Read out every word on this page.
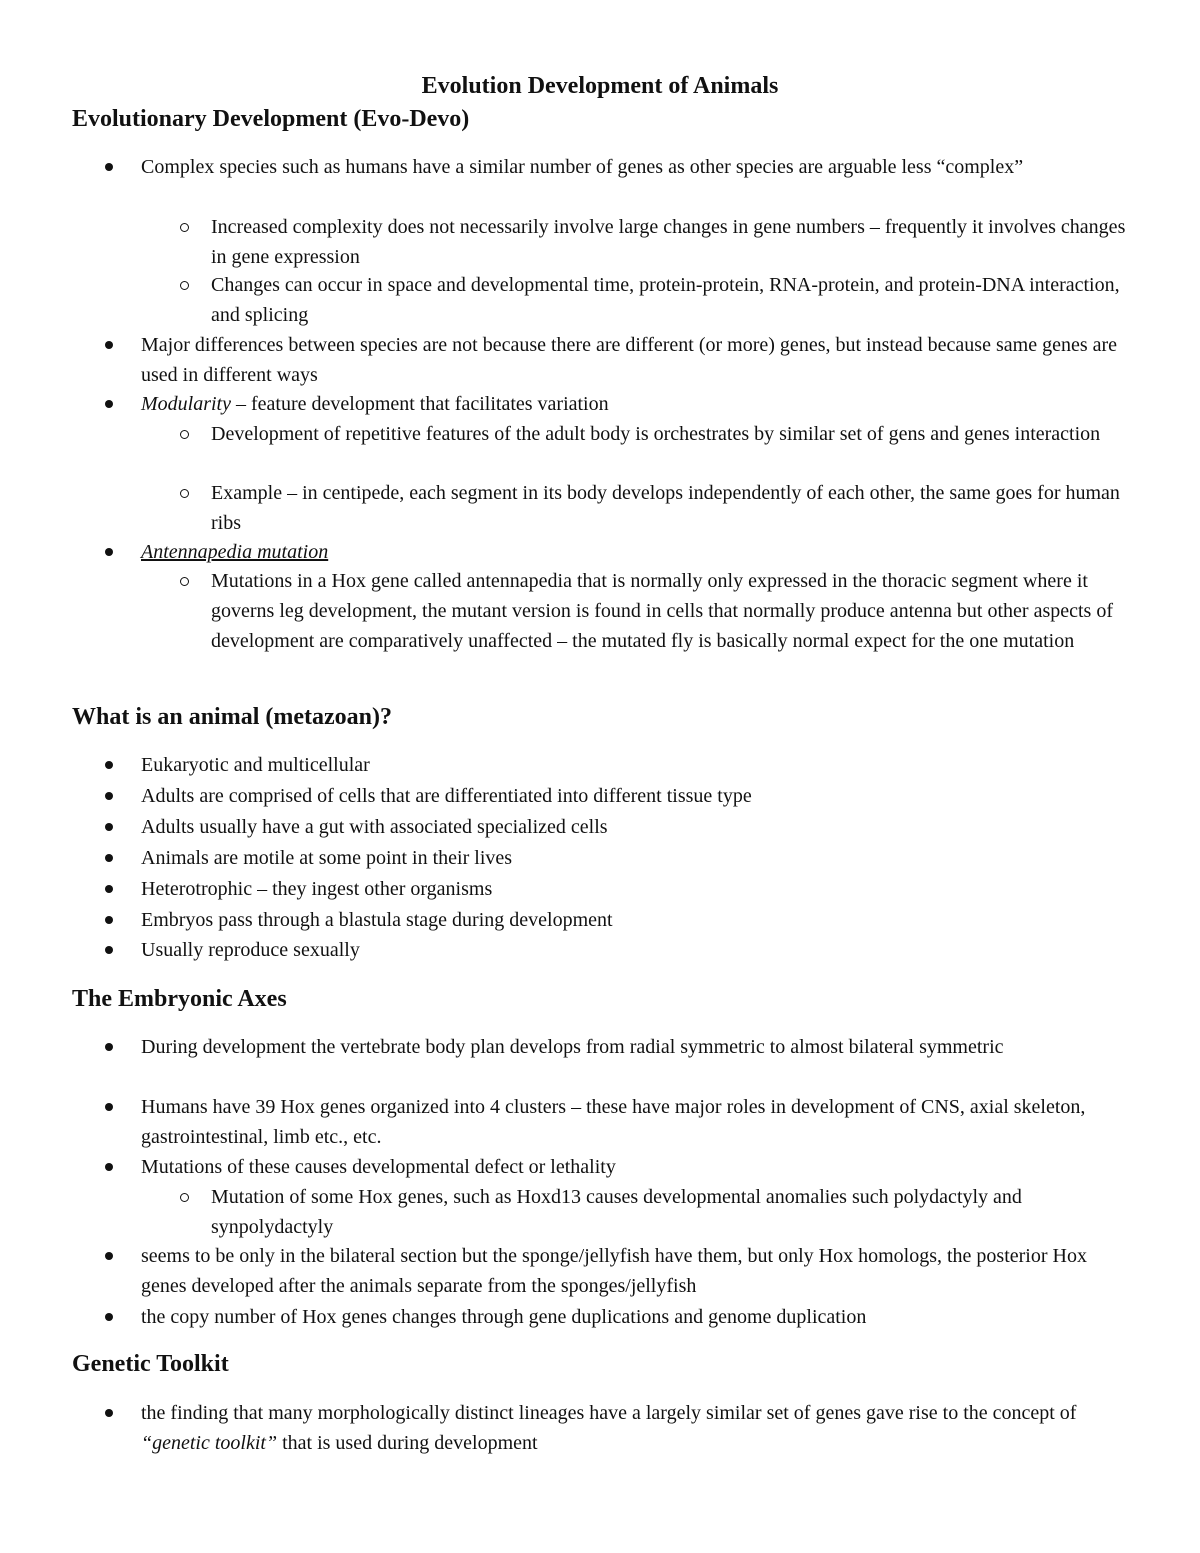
Evolution Development of Animals
Evolutionary Development (Evo-Devo)

Complex species such as humans have a similar number of genes as other species are arguable less “complex”

Increased complexity does not necessarily involve large changes in gene numbers – frequently it involves changes in gene expression

Changes can occur in space and developmental time, protein-protein, RNA-protein, and protein-DNA interaction, and splicing

Major differences between species are not because there are different (or more) genes, but instead because same genes are used in different ways

Modularity – feature development that facilitates variation

Development of repetitive features of the adult body is orchestrates by similar set of gens and genes interaction

Example – in centipede, each segment in its body develops independently of each other, the same goes for human ribs

Antennapedia mutation

Mutations in a Hox gene called antennapedia that is normally only expressed in the thoracic segment where it governs leg development, the mutant version is found in cells that normally produce antenna but other aspects of development are comparatively unaffected – the mutated fly is basically normal expect for the one mutation

What is an animal (metazoan)?

Eukaryotic and multicellular

Adults are comprised of cells that are differentiated into different tissue type

Adults usually have a gut with associated specialized cells

Animals are motile at some point in their lives

Heterotrophic – they ingest other organisms

Embryos pass through a blastula stage during development

Usually reproduce sexually

The Embryonic Axes

During development the vertebrate body plan develops from radial symmetric to almost bilateral symmetric

Humans have 39 Hox genes organized into 4 clusters – these have major roles in development of CNS, axial skeleton, gastrointestinal, limb etc., etc.

Mutations of these causes developmental defect or lethality

Mutation of some Hox genes, such as Hoxd13 causes developmental anomalies such polydactyly and synpolydactyly

seems to be only in the bilateral section but the sponge/jellyfish have them, but only Hox homologs, the posterior Hox genes developed after the animals separate from the sponges/jellyfish

the copy number of Hox genes changes through gene duplications and genome duplication

Genetic Toolkit

the finding that many morphologically distinct lineages have a largely similar set of genes gave rise to the concept of “genetic toolkit” that is used during development
